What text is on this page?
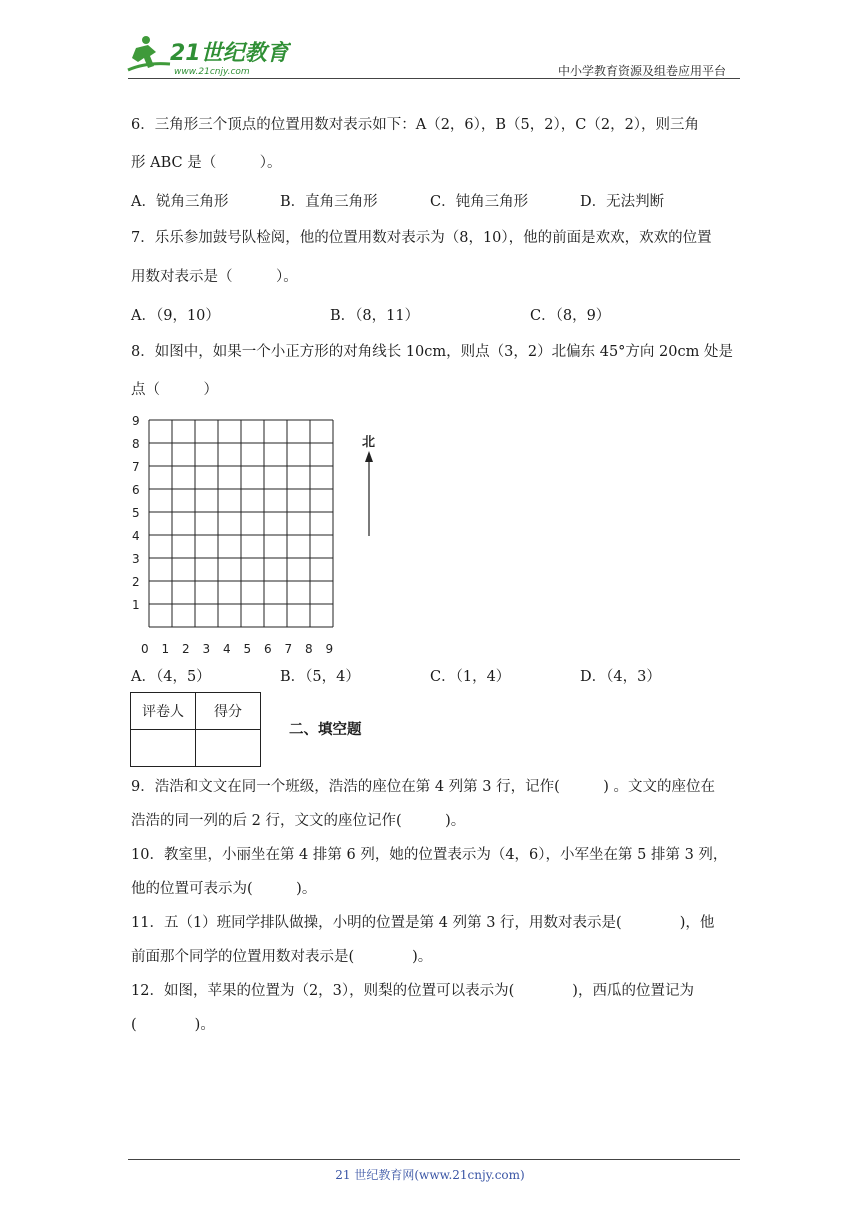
21世纪教育
www.21cnjy.com	中小学教育资源及组卷应用平台
6．三角形三个顶点的位置用数对表示如下：A（2，6），B（5，2），C（2，2），则三角
形 ABC 是（　　　）。
A．锐角三角形	B．直角三角形	C．钝角三角形	D．无法判断
7．乐乐参加鼓号队检阅，他的位置用数对表示为（8，10），他的前面是欢欢，欢欢的位置
用数对表示是（　　　）。
A．（9，10）	B．（8，11）	C．（8，9）
8．如图中，如果一个小正方形的对角线长 10cm，则点（3，2）北偏东 45°方向 20cm 处是
点（　　　）
9
8
7
6
5
4
3
2
1
0 1 2 3 4 5 6 7 8 9
北
A．（4，5）	B．（5，4）	C．（1，4）	D．（4，3）
评卷人	得分

二、填空题
9．浩浩和文文在同一个班级，浩浩的座位在第 4 列第 3 行，记作(　　　) 。文文的座位在
浩浩的同一列的后 2 行，文文的座位记作(　　　)。
10．教室里，小丽坐在第 4 排第 6 列，她的位置表示为（4，6），小军坐在第 5 排第 3 列，
他的位置可表示为(　　　)。
11．五（1）班同学排队做操，小明的位置是第 4 列第 3 行，用数对表示是(　　　　)，他
前面那个同学的位置用数对表示是(　　　　)。
12．如图，苹果的位置为（2，3），则梨的位置可以表示为(　　　　)，西瓜的位置记为
(　　　　)。
21 世纪教育网(www.21cnjy.com)
